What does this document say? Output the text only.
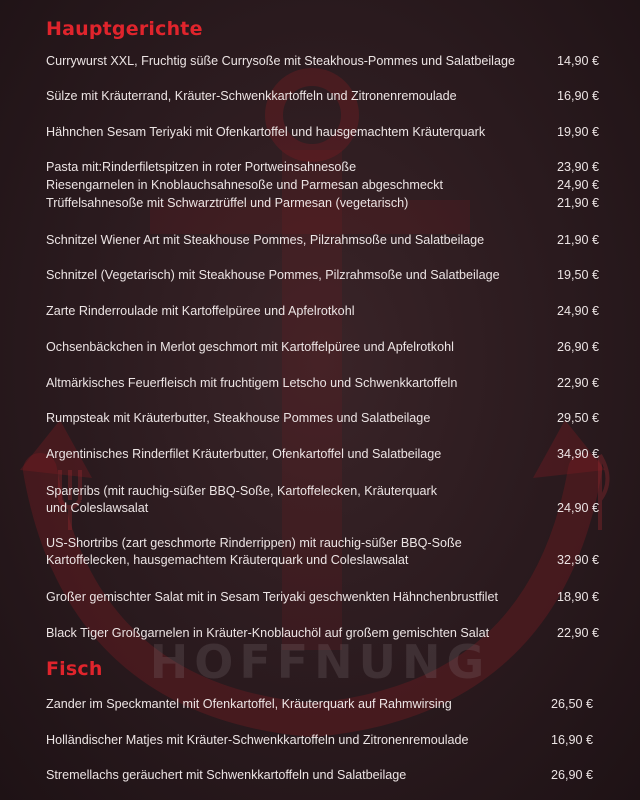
HOFFNUNG
Hauptgerichte
Currywurst XXL, Fruchtig süße Currysoße mit Steakhous-Pommes und Salatbeilage	14,90 €
Sülze mit Kräuterrand, Kräuter-Schwenkkartoffeln und Zitronenremoulade	16,90 €
Hähnchen Sesam Teriyaki mit Ofenkartoffel und hausgemachtem Kräuterquark	19,90 €
Pasta mit:Rinderfiletspitzen in roter Portweinsahnesoße	23,90 €
Riesengarnelen in Knoblauchsahnesoße und Parmesan abgeschmeckt	24,90 €
Trüffelsahnesoße mit Schwarztrüffel und Parmesan (vegetarisch)	21,90 €
Schnitzel Wiener Art mit Steakhouse Pommes, Pilzrahmsoße und Salatbeilage	21,90 €
Schnitzel (Vegetarisch) mit Steakhouse Pommes, Pilzrahmsoße und Salatbeilage	19,50 €
Zarte Rinderroulade mit Kartoffelpüree und Apfelrotkohl	24,90 €
Ochsenbäckchen in Merlot geschmort mit Kartoffelpüree und Apfelrotkohl	26,90 €
Altmärkisches Feuerfleisch mit fruchtigem Letscho und Schwenkkartoffeln	22,90 €
Rumpsteak mit Kräuterbutter, Steakhouse Pommes und Salatbeilage	29,50 €
Argentinisches Rinderfilet Kräuterbutter, Ofenkartoffel und Salatbeilage	34,90 €
Spareribs (mit rauchig-süßer BBQ-Soße, Kartoffelecken, Kräuterquark
und Coleslawsalat	24,90 €
US-Shortribs (zart geschmorte Rinderrippen) mit rauchig-süßer BBQ-Soße
Kartoffelecken, hausgemachtem Kräuterquark und Coleslawsalat	32,90 €
Großer gemischter Salat mit in Sesam Teriyaki geschwenkten Hähnchenbrustfilet	18,90 €
Black Tiger Großgarnelen in Kräuter-Knoblauchöl auf großem gemischten Salat	22,90 €
Fisch
Zander im Speckmantel mit Ofenkartoffel, Kräuterquark auf Rahmwirsing	26,50 €
Holländischer Matjes mit Kräuter-Schwenkkartoffeln und Zitronenremoulade	16,90 €
Stremellachs geräuchert mit Schwenkkartoffeln und Salatbeilage	26,90 €
